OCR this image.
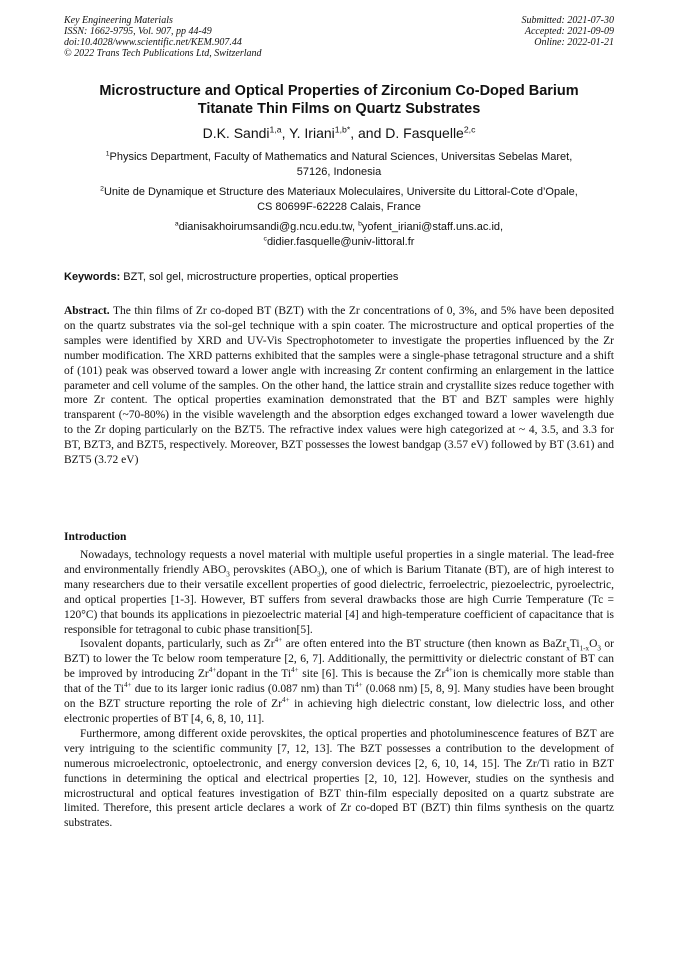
Key Engineering Materials
ISSN: 1662-9795, Vol. 907, pp 44-49
doi:10.4028/www.scientific.net/KEM.907.44
© 2022 Trans Tech Publications Ltd, Switzerland
Submitted: 2021-07-30
Accepted: 2021-09-09
Online: 2022-01-21
Microstructure and Optical Properties of Zirconium Co-Doped Barium
Titanate Thin Films on Quartz Substrates
D.K. Sandi$^{1,a}$, Y. Iriani$^{1,b*}$, and D. Fasquelle$^{2,c}$
$^1$Physics Department, Faculty of Mathematics and Natural Sciences, Universitas Sebelas Maret,
57126, Indonesia
$^2$Unite de Dynamique et Structure des Materiaux Moleculaires, Universite du Littoral-Cote d’Opale,
CS 80699F-62228 Calais, France
$^a$dianisakhoirumsandi@g.ncu.edu.tw, $^b$yofent_iriani@staff.uns.ac.id,
$^c$didier.fasquelle@univ-littoral.fr
Keywords: BZT, sol gel, microstructure properties, optical properties
Abstract. The thin films of Zr co-doped BT (BZT) with the Zr concentrations of 0, 3%, and 5% have been deposited on the quartz substrates via the sol-gel technique with a spin coater. The microstructure and optical properties of the samples were identified by XRD and UV-Vis Spectrophotometer to investigate the properties influenced by the Zr number modification. The XRD patterns exhibited that the samples were a single-phase tetragonal structure and a shift of (101) peak was observed toward a lower angle with increasing Zr content confirming an enlargement in the lattice parameter and cell volume of the samples. On the other hand, the lattice strain and crystallite sizes reduce together with more Zr content. The optical properties examination demonstrated that the BT and BZT samples were highly transparent (~70-80%) in the visible wavelength and the absorption edges exchanged toward a lower wavelength due to the Zr doping particularly on the BZT5. The refractive index values were high categorized at ~ 4, 3.5, and 3.3 for BT, BZT3, and BZT5, respectively. Moreover, BZT possesses the lowest bandgap (3.57 eV) followed by BT (3.61) and BZT5 (3.72 eV)
Introduction

Nowadays, technology requests a novel material with multiple useful properties in a single material. The lead-free and environmentally friendly $ABO_3$ perovskites $(ABO_3)$, one of which is Barium Titanate (BT), are of high interest to many researchers due to their versatile excellent properties of good dielectric, ferroelectric, piezoelectric, pyroelectric, and optical properties [1-3]. However, BT suffers from several drawbacks those are high Currie Temperature (Tc = 120°C) that bounds its applications in piezoelectric material [4] and high-temperature coefficient of capacitance that is responsible for tetragonal to cubic phase transition[5].

Isovalent dopants, particularly, such as $Zr^{4+}$ are often entered into the BT structure (then known as $BaZr_xTi_{1-x}O_3$ or BZT) to lower the Tc below room temperature [2, 6, 7]. Additionally, the permittivity or dielectric constant of BT can be improved by introducing $Zr^{4+}dopant$ in the $Ti^{4+}$ site [6]. This is because the $Zr^{4+}ion$ is chemically more stable than that of the $Ti^{4+}$ due to its larger ionic radius (0.087 nm) than $Ti^{4+}$ (0.068 nm) [5, 8, 9]. Many studies have been brought on the BZT structure reporting the role of $Zr^{4+}$ in achieving high dielectric constant, low dielectric loss, and other electronic properties of BT [4, 6, 8, 10, 11].

Furthermore, among different oxide perovskites, the optical properties and photoluminescence features of BZT are very intriguing to the scientific community [7, 12, 13]. The BZT possesses a contribution to the development of numerous microelectronic, optoelectronic, and energy conversion devices [2, 6, 10, 14, 15]. The Zr/Ti ratio in BZT functions in determining the optical and electrical properties [2, 10, 12]. However, studies on the synthesis and microstructural and optical features investigation of BZT thin-film especially deposited on a quartz substrate are limited. Therefore, this present article declares a work of Zr co-doped BT (BZT) thin films synthesis on the quartz substrates.
